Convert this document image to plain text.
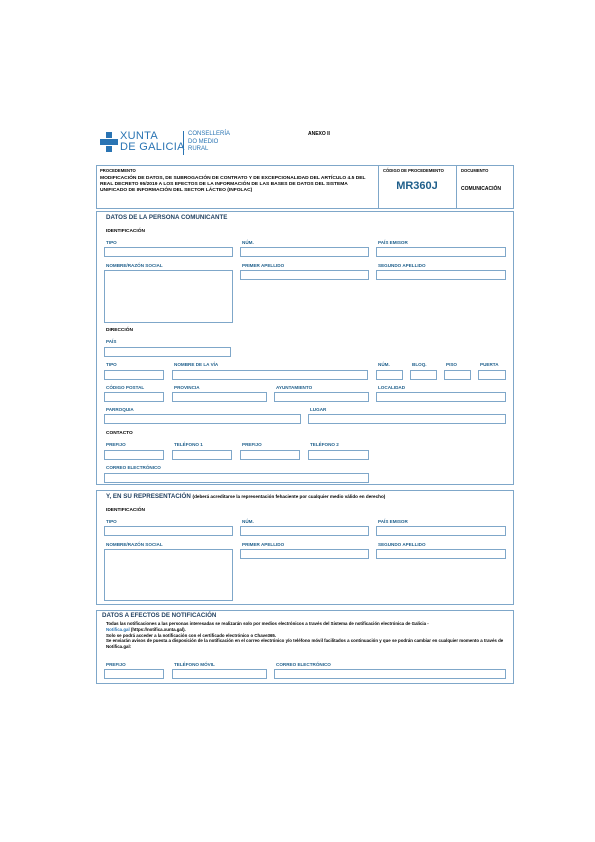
XUNTA
DE GALICIA
CONSELLERÍA
DO MEDIO
RURAL
ANEXO II
PROCEDEMENTO
MODIFICACIÓN DE DATOS, DE SUBROGACIÓN DE CONTRATO Y DE EXCEPCIONALIDAD DEL ARTÍCULO 4.5 DEL REAL DECRETO 95/2019 A LOS EFECTOS DE LA INFORMACIÓN DE LAS BASES DE DATOS DEL SISTEMA UNIFICADO DE INFORMACIÓN DEL SECTOR LÁCTEO (INFOLAC)
CÓDIGO DE PROCEDEMENTO
MR360J
DOCUMENTO
COMUNICACIÓN
DATOS DE LA PERSONA COMUNICANTE
IDENTIFICACIÓN
TIPO	NÚM.	PAÍS EMISOR
NOMBRE/RAZÓN SOCIAL	PRIMER APELLIDO	SEGUNDO APELLIDO
DIRECCIÓN
PAÍS
TIPO	NOMBRE DE LA VÍA	NÚM.	BLOQ.	PISO	PUERTA
CÓDIGO POSTAL	PROVINCIA	AYUNTAMIENTO	LOCALIDAD
PARROQUIA	LUGAR
CONTACTO
PREFIJO	TELÉFONO 1	PREFIJO	TELÉFONO 2
CORREO ELECTRÓNICO
Y, EN SU REPRESENTACIÓN (deberá acreditarse la representación fehaciente por cualquier medio válido en derecho)
IDENTIFICACIÓN
TIPO	NÚM.	PAÍS EMISOR
NOMBRE/RAZÓN SOCIAL	PRIMER APELLIDO	SEGUNDO APELLIDO
DATOS A EFECTOS DE NOTIFICACIÓN
Todas las notificaciones a las personas interesadas se realizarán solo por medios electrónicos a través del Sistema de notificación electrónica de Galicia -
Notifica.gal (https://notifica.xunta.gal).
Solo se podrá acceder a la notificación con el certificado electrónico o Chave365.
Se enviarán avisos de puesta a disposición de la notificación en el correo electrónico y/o teléfono móvil facilitados a continuación y que se podrán cambiar en cualquier momento a través de Notifica.gal:
PREFIJO	TELÉFONO MÓVIL	CORREO ELECTRÓNICO
